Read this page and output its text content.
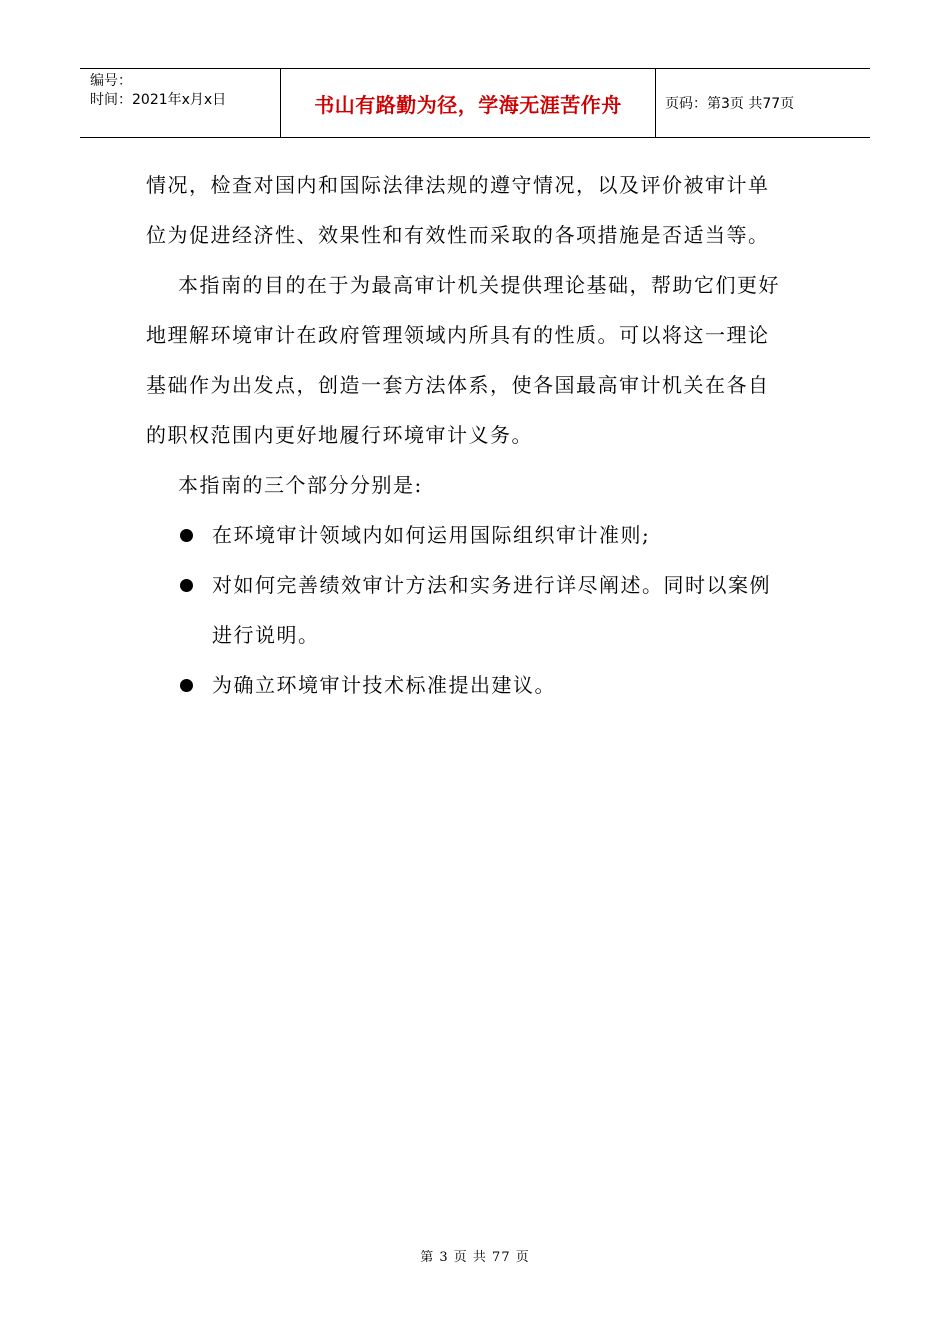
编号：
时间：2021年x月x日	书山有路勤为径，学海无涯苦作舟	页码：第3页 共77页
情况，检查对国内和国际法律法规的遵守情况，以及评价被审计单
位为促进经济性、效果性和有效性而采取的各项措施是否适当等。
本指南的目的在于为最高审计机关提供理论基础，帮助它们更好
地理解环境审计在政府管理领域内所具有的性质。可以将这一理论
基础作为出发点，创造一套方法体系，使各国最高审计机关在各自
的职权范围内更好地履行环境审计义务。
本指南的三个部分分别是:
在环境审计领域内如何运用国际组织审计准则;
对如何完善绩效审计方法和实务进行详尽阐述。同时以案例
进行说明。
为确立环境审计技术标准提出建议。
第 3 页 共 77 页
